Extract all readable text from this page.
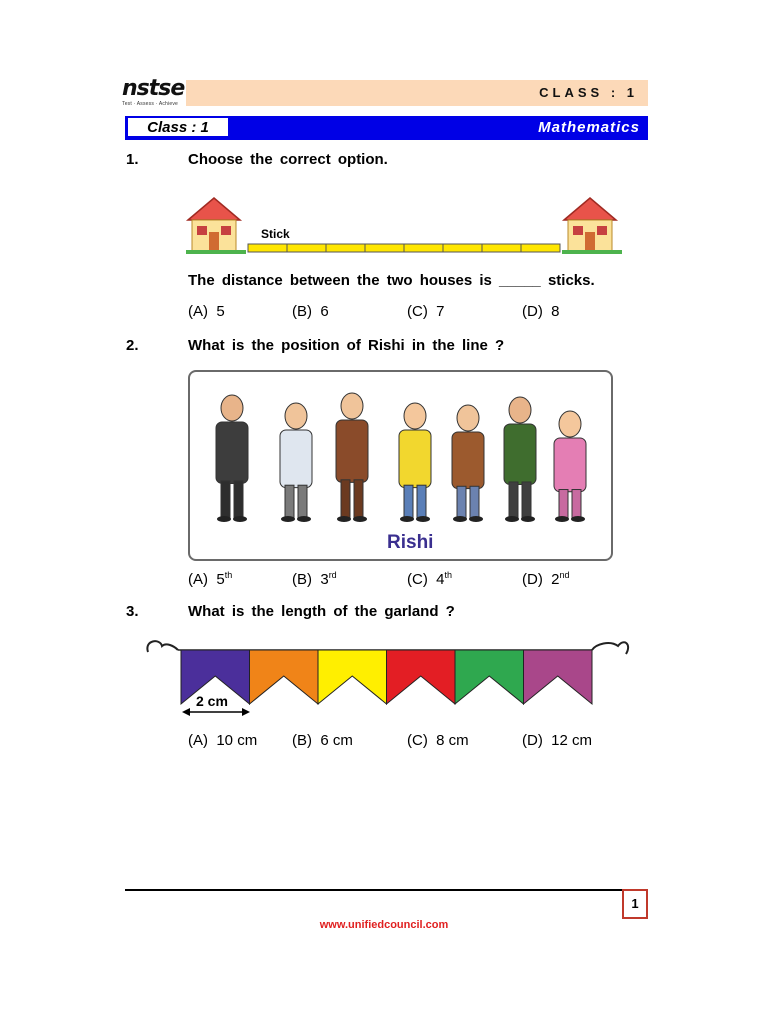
nstse
Test · Assess · Achieve
CLASS : 1
Class : 1	Mathematics
1.	Choose the correct option.
Stick
The distance between the two houses is _____ sticks.
(A) 5	(B) 6	(C) 7	(D) 8
2.	What is the position of Rishi in the line ?
Rishi
(A) 5th	(B) 3rd	(C) 4th	(D) 2nd
3.	What is the length of the garland ?
2 cm
(A) 10 cm (B) 6 cm	(C) 8 cm	(D) 12 cm
1
www.unifiedcouncil.com
